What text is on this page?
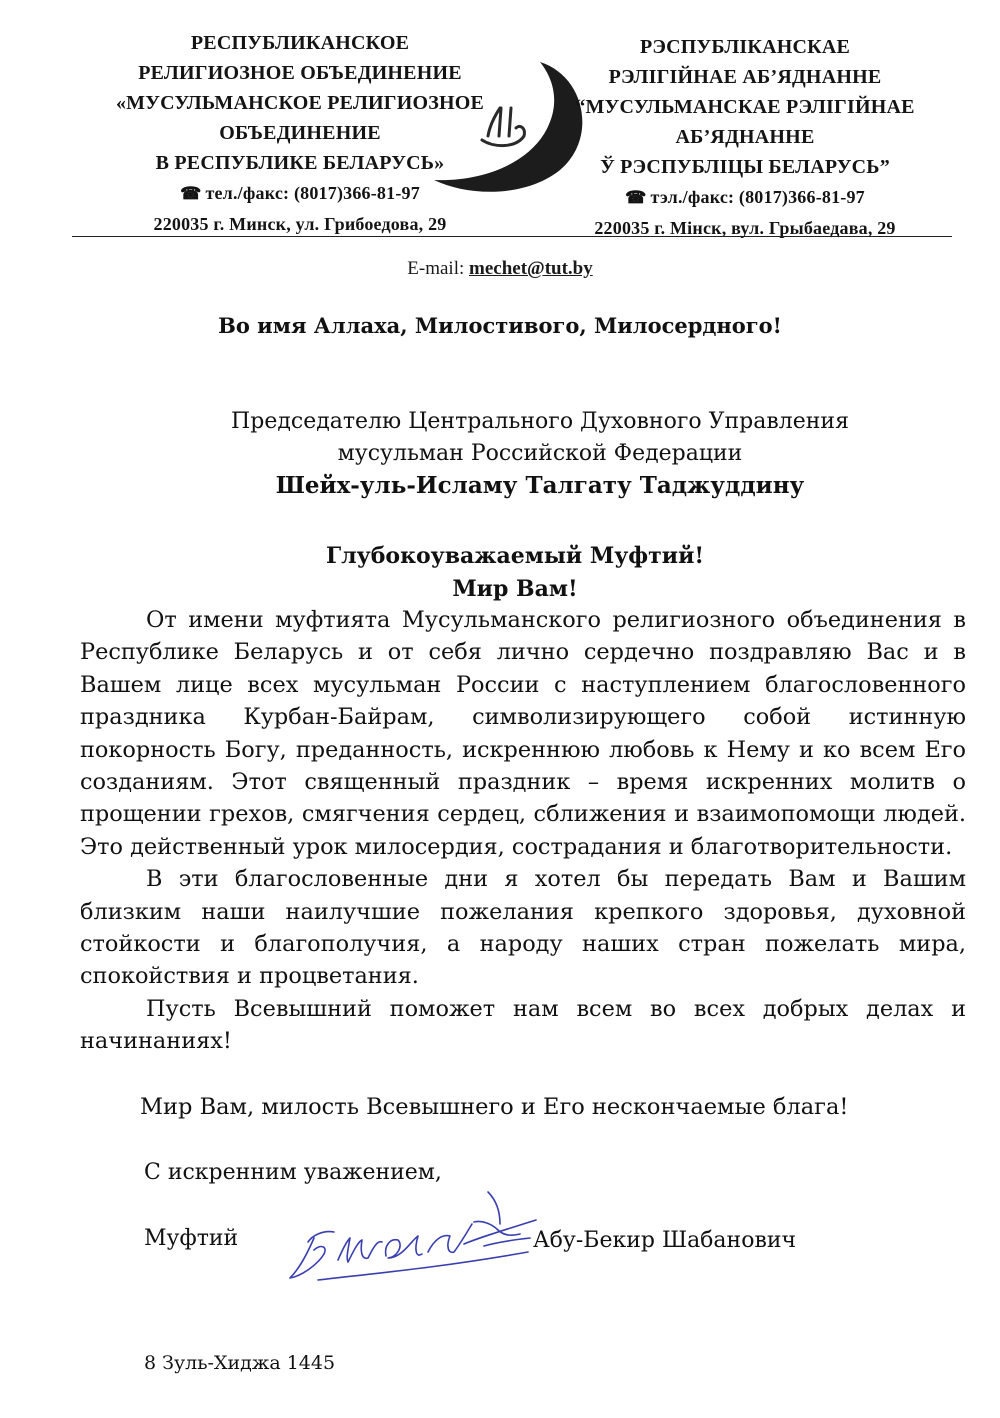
РЕСПУБЛИКАНСКОЕ
РЕЛИГИОЗНОЕ ОБЪЕДИНЕНИЕ
«МУСУЛЬМАНСКОЕ РЕЛИГИОЗНОЕ
ОБЪЕДИНЕНИЕ
В РЕСПУБЛИКЕ БЕЛАРУСЬ»
☎ тел./факс: (8017)366-81-97
220035 г. Минск, ул. Грибоедова, 29
РЭСПУБЛІКАНСКАЕ
РЭЛІГІЙНАЕ АБ’ЯДНАННЕ
“МУСУЛЬМАНСКАЕ РЭЛІГІЙНАЕ
АБ’ЯДНАННЕ
Ў РЭСПУБЛІЦЫ БЕЛАРУСЬ”
☎ тэл./факс: (8017)366-81-97
220035 г. Мінск, вул. Грыбаедава, 29
E-mail: mechet@tut.by
Во имя Аллаха, Милостивого, Милосердного!
Председателю Центрального Духовного Управления
мусульман Российской Федерации
Шейх-уль-Исламу Талгату Таджуддину
Глубокоуважаемый Муфтий!
Мир Вам!

От имени муфтията Мусульманского религиозного объединения в Республике Беларусь и от себя лично сердечно поздравляю Вас и в Вашем лице всех мусульман России с наступлением благословенного праздника Курбан-Байрам, символизирующего собой истинную покорность Богу, преданность, искреннюю любовь к Нему и ко всем Его созданиям. Этот священный праздник – время искренних молитв о прощении грехов, смягчения сердец, сближения и взаимопомощи людей. Это действенный урок милосердия, сострадания и благотворительности.

В эти благословенные дни я хотел бы передать Вам и Вашим близким наши наилучшие пожелания крепкого здоровья, духовной стойкости и благополучия, а народу наших стран пожелать мира, спокойствия и процветания.

Пусть Всевышний поможет нам всем во всех добрых делах и начинаниях!

Мир Вам, милость Всевышнего и Его нескончаемые блага!
С искренним уважением,
Муфтий	Абу-Бекир Шабанович
8 Зуль-Хиджа 1445
